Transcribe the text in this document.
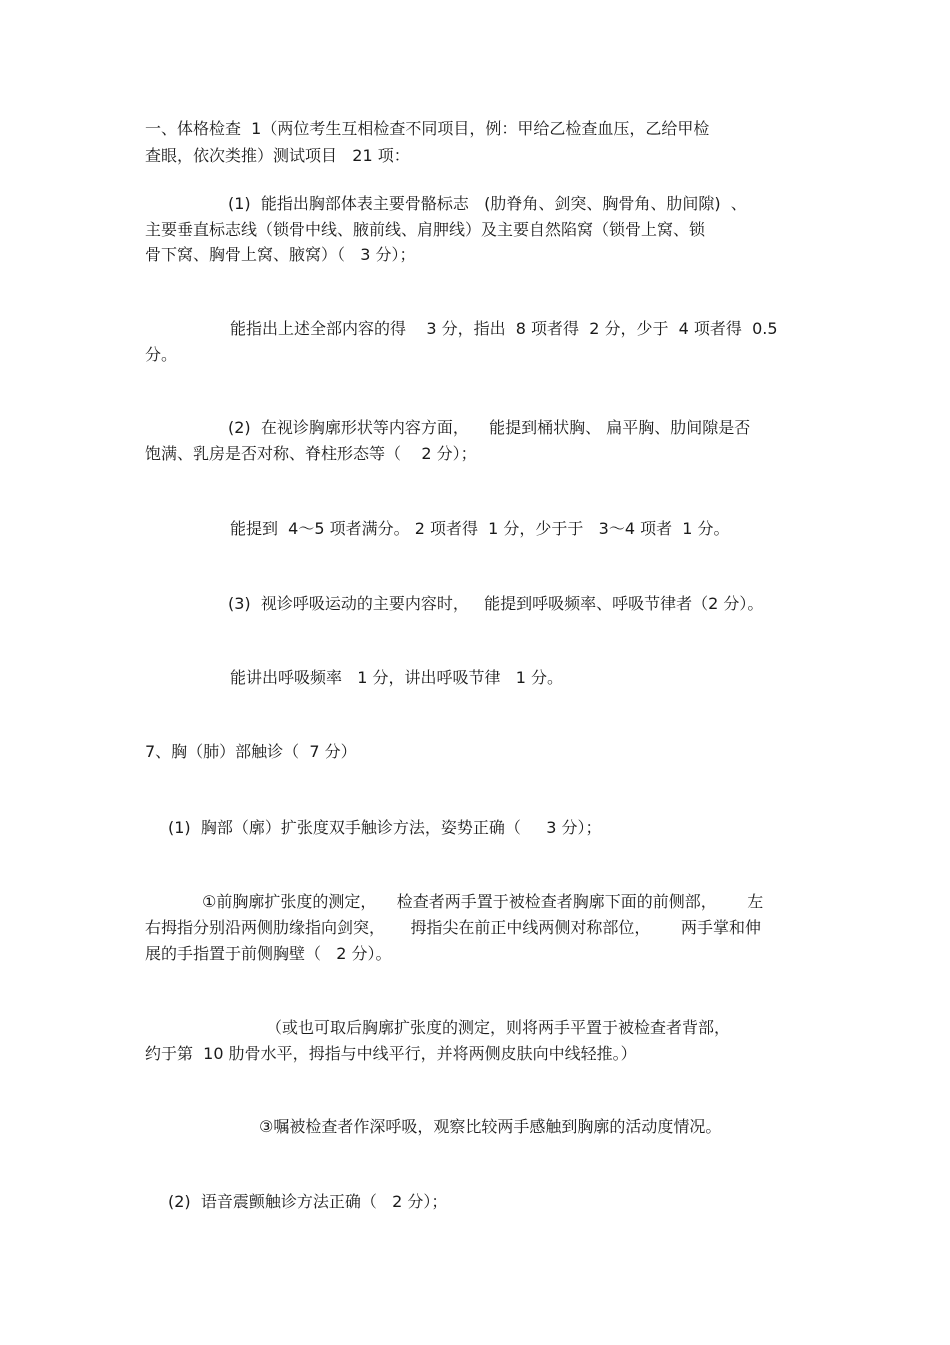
一、体格检查  1（两位考生互相检查不同项目，例：甲给乙检查血压，乙给甲检

查眼，依次类推）测试项目   21 项：

(1)  能指出胸部体表主要骨骼标志   (肋脊角、剑突、胸骨角、肋间隙)  、

主要垂直标志线（锁骨中线、腋前线、肩胛线）及主要自然陷窝（锁骨上窝、锁

骨下窝、胸骨上窝、腋窝）（   3 分）；

能指出上述全部内容的得    3 分，指出  8 项者得  2 分，少于  4 项者得  0.5

分。

(2)  在视诊胸廓形状等内容方面，    能提到桶状胸、 扁平胸、肋间隙是否

饱满、乳房是否对称、脊柱形态等（    2 分）；

能提到  4～5 项者满分。 2 项者得  1 分，少于于   3～4 项者  1 分。

(3)  视诊呼吸运动的主要内容时，   能提到呼吸频率、呼吸节律者（2 分）。

能讲出呼吸频率   1 分，讲出呼吸节律   1 分。

7、胸（肺）部触诊（  7 分）

(1)  胸部（廓）扩张度双手触诊方法，姿势正确（     3 分）；

①前胸廓扩张度的测定，    检查者两手置于被检查者胸廓下面的前侧部，      左

右拇指分别沿两侧肋缘指向剑突，     拇指尖在前正中线两侧对称部位，      两手掌和伸

展的手指置于前侧胸壁（   2 分）。

（或也可取后胸廓扩张度的测定，则将两手平置于被检查者背部，

约于第  10 肋骨水平，拇指与中线平行，并将两侧皮肤向中线轻推。）

③嘱被检查者作深呼吸，观察比较两手感触到胸廓的活动度情况。

(2)  语音震颤触诊方法正确（   2 分）；
